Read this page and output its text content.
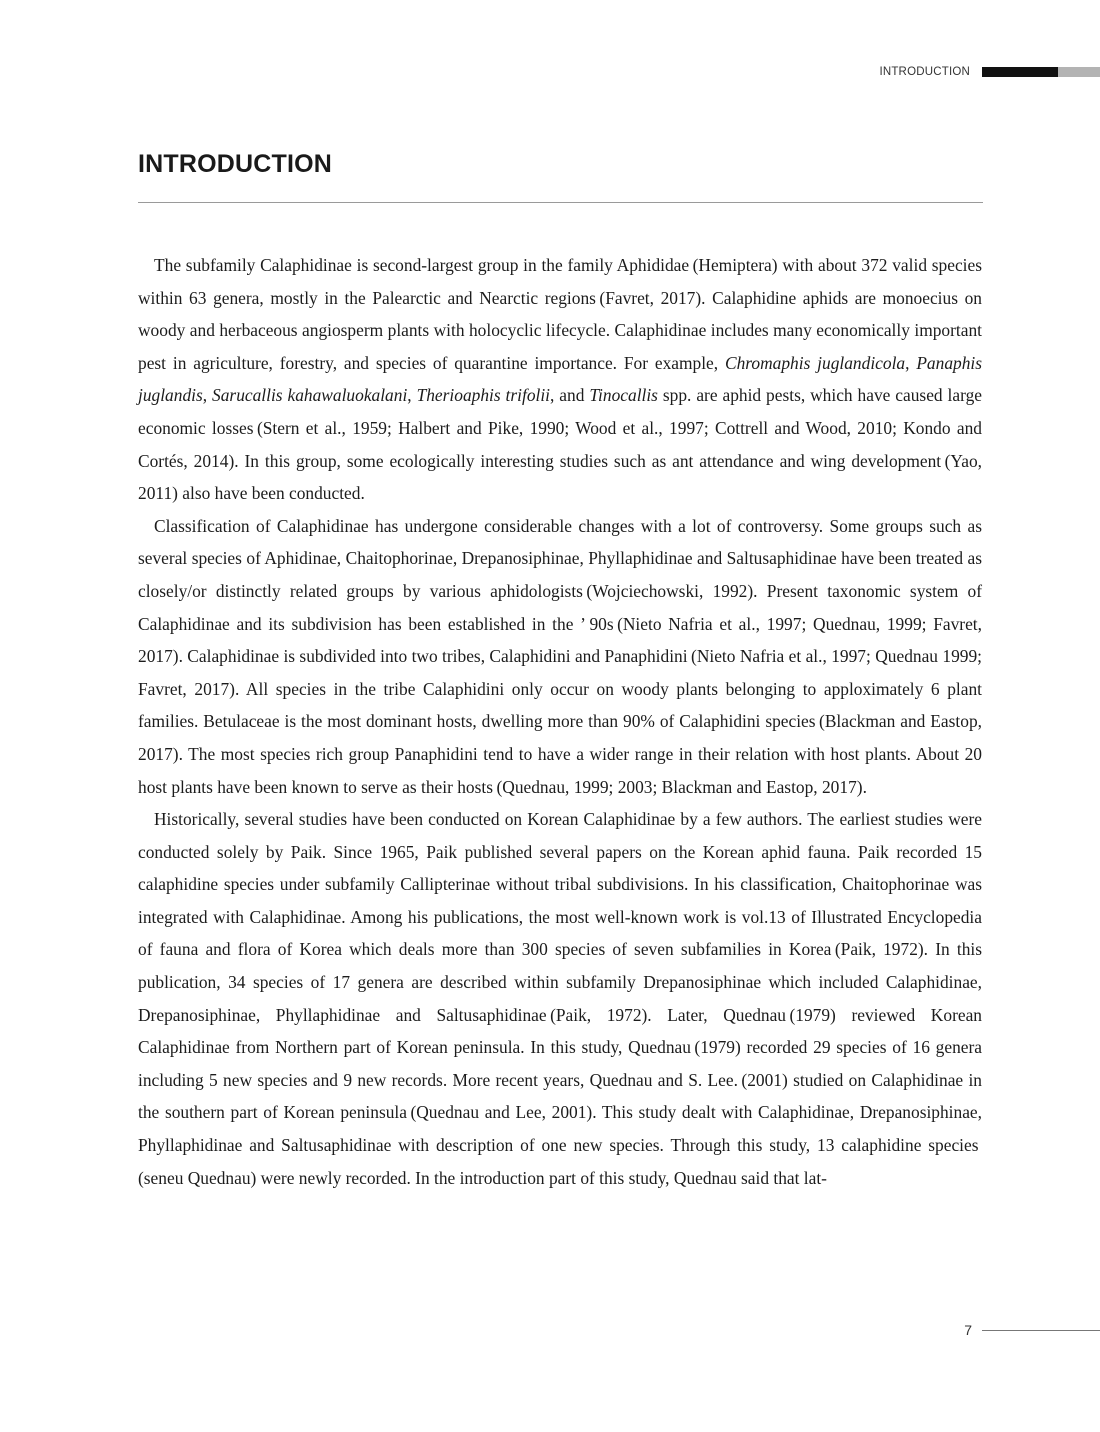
INTRODUCTION
INTRODUCTION

The subfamily Calaphidinae is second-largest group in the family Aphididae (Hemiptera) with about 372 valid species within 63 genera, mostly in the Palearctic and Nearctic regions (Favret, 2017). Calaphidine aphids are monoecius on woody and herbaceous angiosperm plants with holocyclic lifecycle. Calaphidinae includes many economically important pest in agriculture, forestry, and species of quarantine importance. For example, Chromaphis juglandicola, Panaphis juglandis, Sarucallis kahawaluokalani, Therioaphis trifolii, and Tinocallis spp. are aphid pests, which have caused large economic losses (Stern et al., 1959; Halbert and Pike, 1990; Wood et al., 1997; Cottrell and Wood, 2010; Kondo and Cortés, 2014). In this group, some ecologically interesting studies such as ant attendance and wing development (Yao, 2011) also have been conducted.

Classification of Calaphidinae has undergone considerable changes with a lot of controversy. Some groups such as several species of Aphidinae, Chaitophorinae, Drepanosiphinae, Phyllaphidinae and Saltusaphidinae have been treated as closely/or distinctly related groups by various aphidologists (Wojciechowski, 1992). Present taxonomic system of Calaphidinae and its subdivision has been established in the ’ 90s (Nieto Nafria et al., 1997; Quednau, 1999; Favret, 2017). Calaphidinae is subdivided into two tribes, Calaphidini and Panaphidini (Nieto Nafria et al., 1997; Quednau 1999; Favret, 2017). All species in the tribe Calaphidini only occur on woody plants belonging to apploximately 6 plant families. Betulaceae is the most dominant hosts, dwelling more than 90% of Calaphidini species (Blackman and Eastop, 2017). The most species rich group Panaphidini tend to have a wider range in their relation with host plants. About 20 host plants have been known to serve as their hosts (Quednau, 1999; 2003; Blackman and Eastop, 2017).

Historically, several studies have been conducted on Korean Calaphidinae by a few authors. The earliest studies were conducted solely by Paik. Since 1965, Paik published several papers on the Korean aphid fauna. Paik recorded 15 calaphidine species under subfamily Callipterinae without tribal subdivisions. In his classification, Chaitophorinae was integrated with Calaphidinae. Among his publications, the most well-known work is vol.13 of Illustrated Encyclopedia of fauna and flora of Korea which deals more than 300 species of seven subfamilies in Korea (Paik, 1972). In this publication, 34 species of 17 genera are described within subfamily Drepanosiphinae which included Calaphidinae, Drepanosiphinae, Phyllaphidinae and Saltusaphidinae (Paik, 1972). Later, Quednau (1979) reviewed Korean Calaphidinae from Northern part of Korean peninsula. In this study, Quednau (1979) recorded 29 species of 16 genera including 5 new species and 9 new records. More recent years, Quednau and S. Lee. (2001) studied on Calaphidinae in the southern part of Korean peninsula (Quednau and Lee, 2001). This study dealt with Calaphidinae, Drepanosiphinae, Phyllaphidinae and Saltusaphidinae with description of one new species. Through this study, 13 calaphidine species (seneu Quednau) were newly recorded. In the introduction part of this study, Quednau said that lat-

7
